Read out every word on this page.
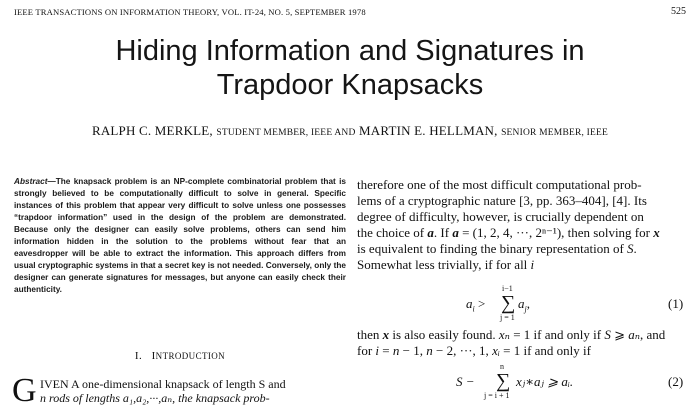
IEEE TRANSACTIONS ON INFORMATION THEORY, VOL. IT-24, NO. 5, SEPTEMBER 1978	525
Hiding Information and Signatures in
Trapdoor Knapsacks
RALPH C. MERKLE, STUDENT MEMBER, IEEE AND MARTIN E. HELLMAN, SENIOR MEMBER, IEEE
Abstract—The knapsack problem is an NP-complete combinatorial problem that is strongly believed to be computationally difficult to solve in general. Specific instances of this problem that appear very difficult to solve unless one possesses “trapdoor information” used in the design of the problem are demonstrated. Because only the designer can easily solve problems, others can send him information hidden in the solution to the problems without fear that an eavesdropper will be able to extract the information. This approach differs from usual cryptographic systems in that a secret key is not needed. Conversely, only the designer can generate signatures for messages, but anyone can easily check their authenticity.
I. INTRODUCTION
G IVEN A one-dimensional knapsack of length S and
n rods of lengths a₁,a₂,···,aₙ, the knapsack prob-
therefore one of the most difficult computational prob-
lems of a cryptographic nature [3, pp. 363–404], [4]. Its
degree of difficulty, however, is crucially dependent on
the choice of a. If a = (1, 2, 4, ···, 2ⁿ⁻¹), then solving for x
is equivalent to finding the binary representation of S.
Somewhat less trivially, if for all i
$a_i$ >
i−1
∑
j = 1
$a_j$,	(1)
then x is also easily found. xₙ = 1 if and only if S ⩾ aₙ, and
for i = n − 1, n − 2, ···, 1, xᵢ = 1 if and only if
S −
n
∑
j = i + 1
xⱼ∗aⱼ ⩾ aᵢ.	(2)
